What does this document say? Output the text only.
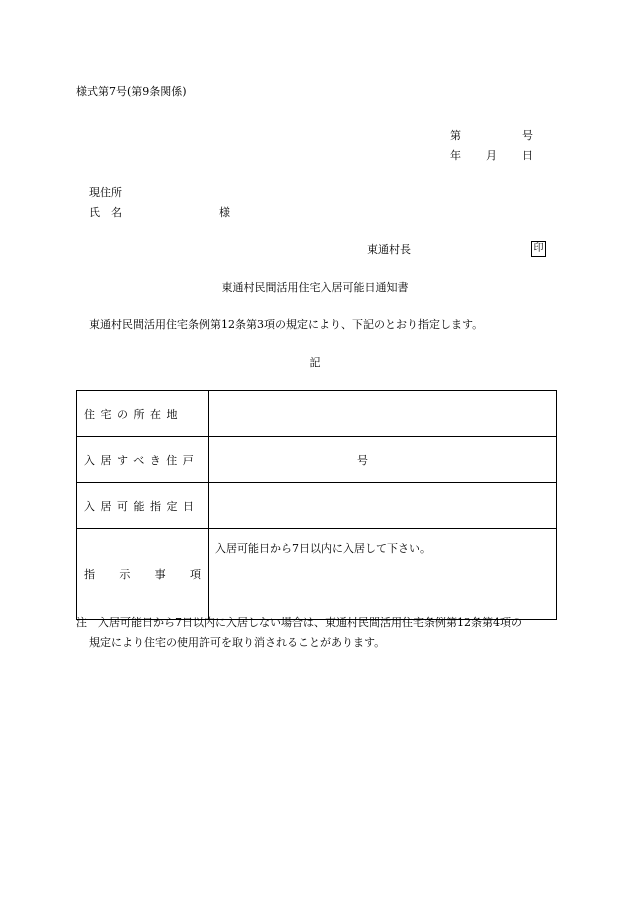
様式第7号(第9条関係)
第	号
年 月 日
現住所
氏 名	様
東通村長	印
東通村民間活用住宅入居可能日通知書
東通村民間活用住宅条例第12条第3項の規定により、下記のとおり指定します。
記
住宅の所在地	
入居すべき住戸	号
入居可能指定日	

指 示 事 項	入居可能日から7日以内に入居して下さい。
注　入居可能日から7日以内に入居しない場合は、東通村民間活用住宅条例第12条第4項の
規定により住宅の使用許可を取り消されることがあります。
